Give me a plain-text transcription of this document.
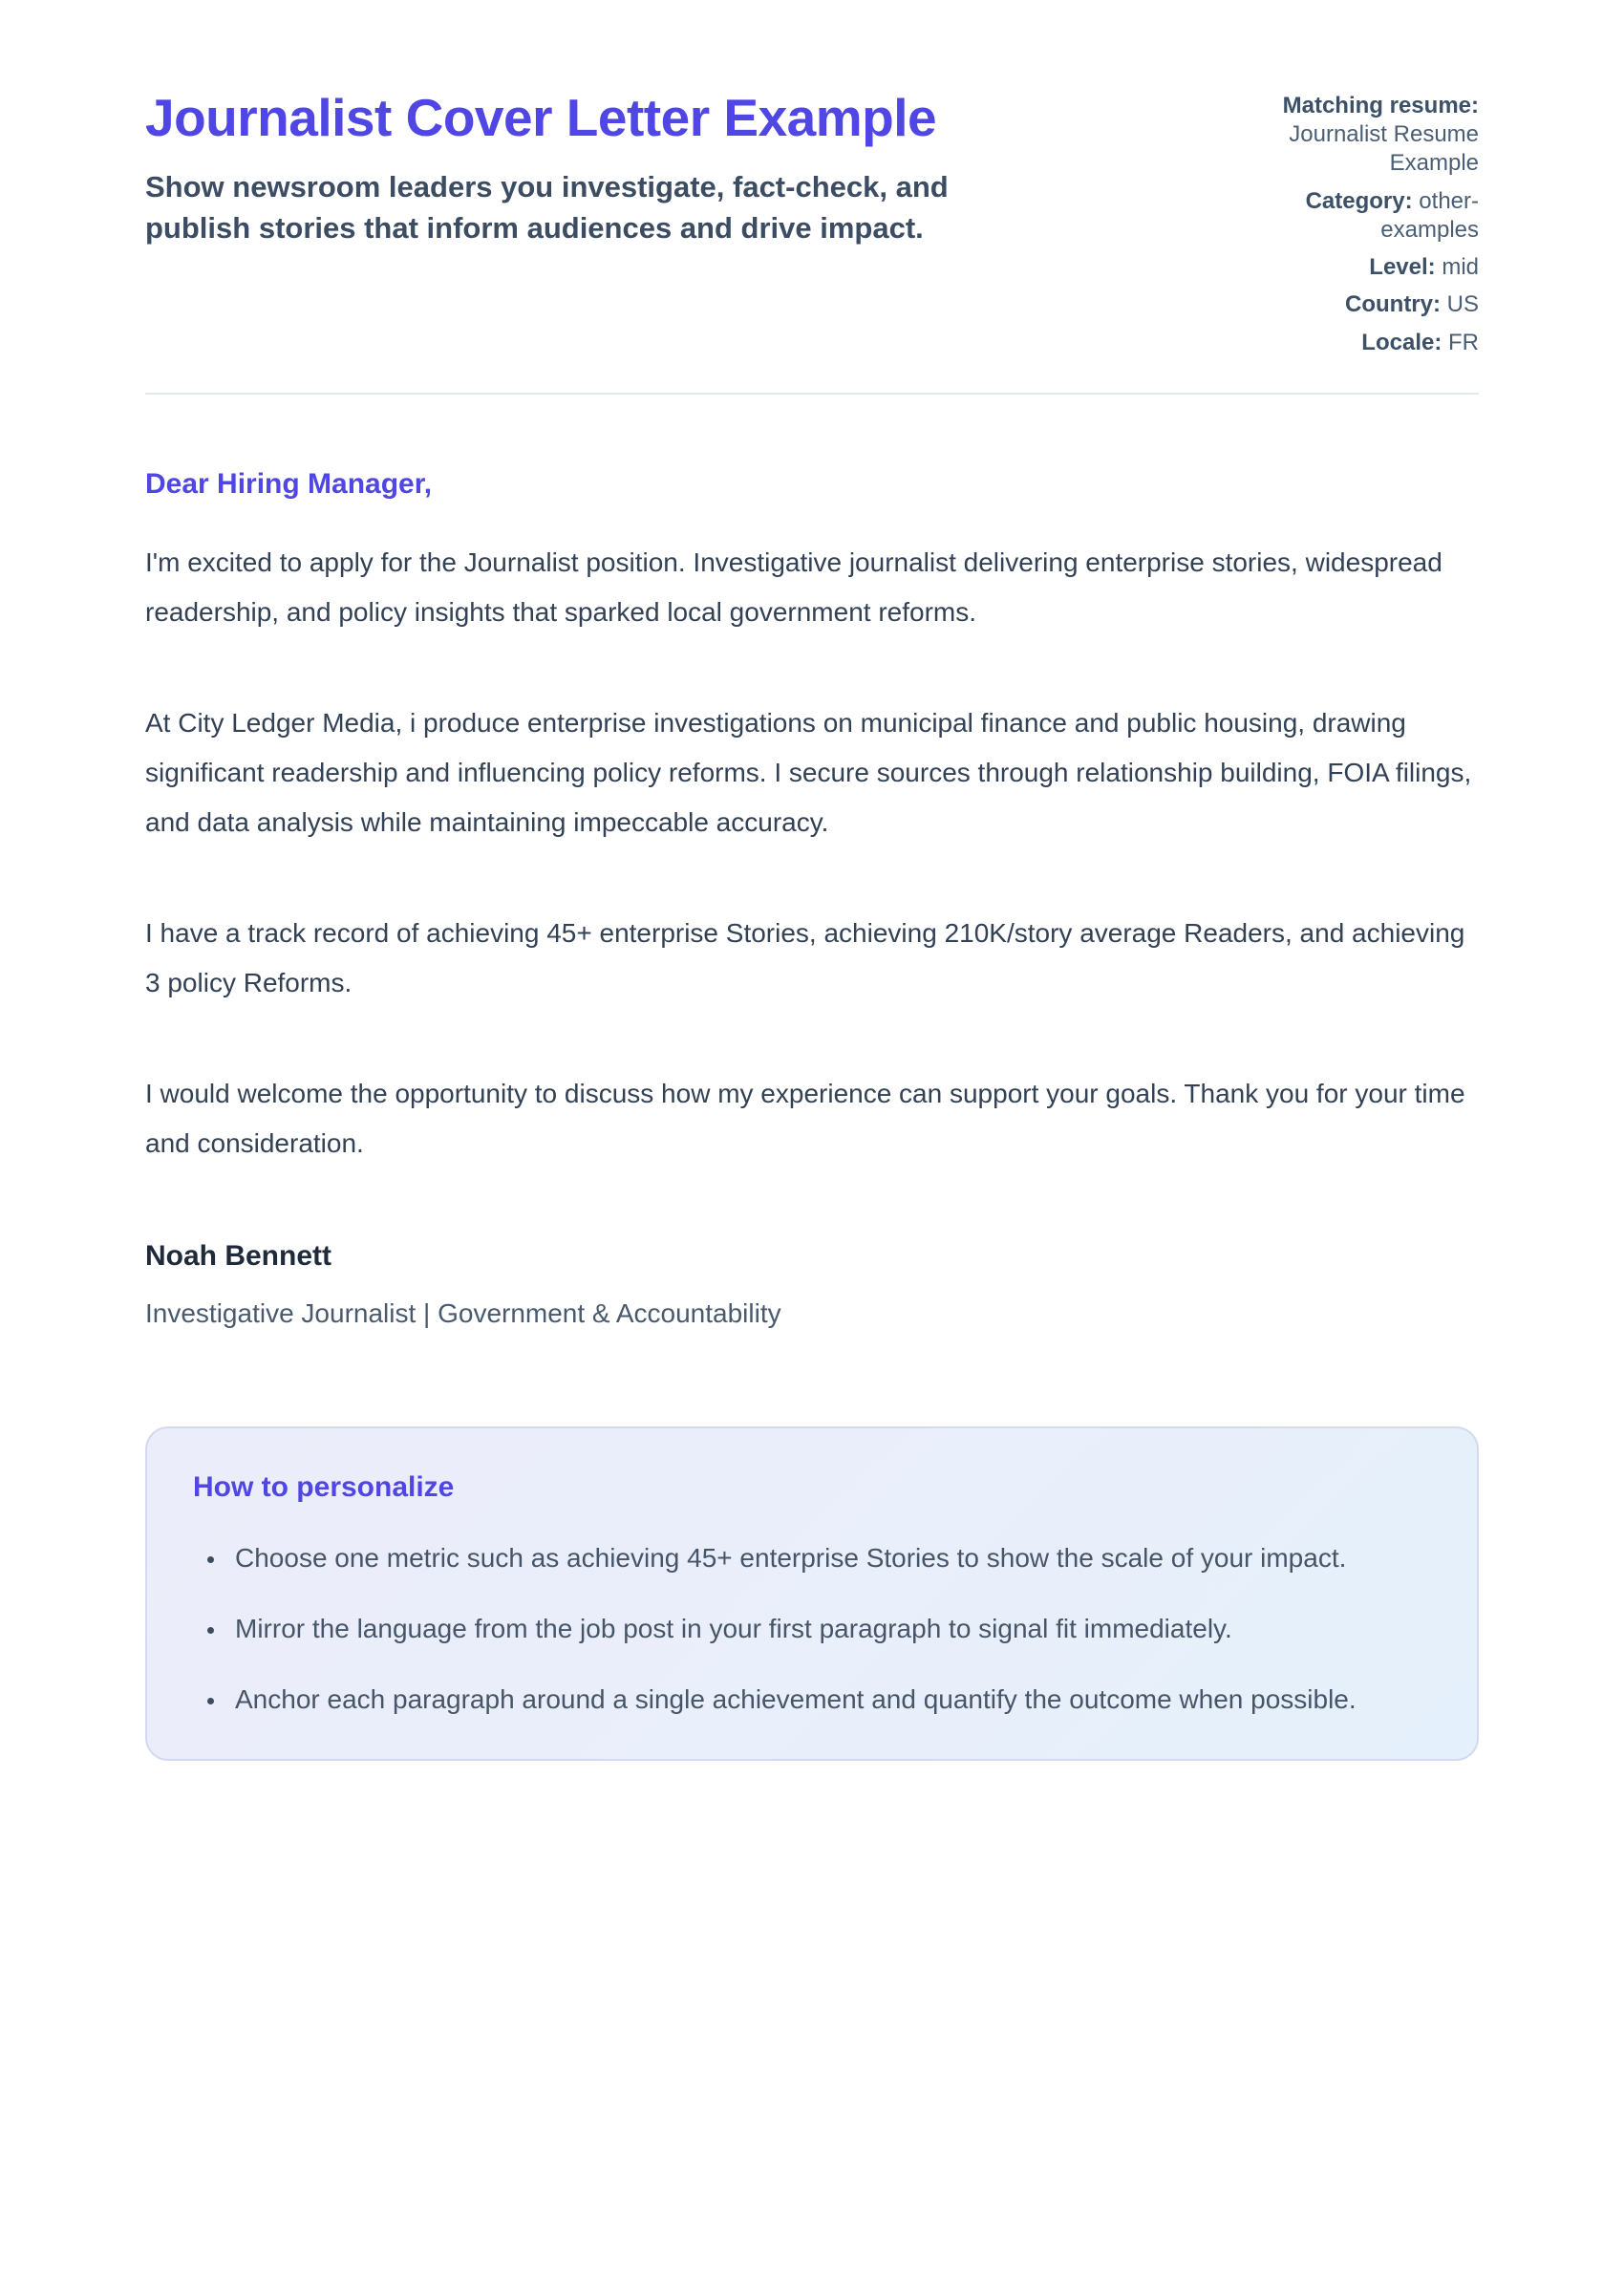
Journalist Cover Letter Example

Show newsroom leaders you investigate, fact-check, and publish stories that inform audiences and drive impact.

Matching resume: Journalist Resume Example
Category: other-examples
Level: mid
Country: US
Locale: FR

Dear Hiring Manager,

I'm excited to apply for the Journalist position. Investigative journalist delivering enterprise stories, widespread readership, and policy insights that sparked local government reforms.

At City Ledger Media, i produce enterprise investigations on municipal finance and public housing, drawing significant readership and influencing policy reforms. I secure sources through relationship building, FOIA filings, and data analysis while maintaining impeccable accuracy.

I have a track record of achieving 45+ enterprise Stories, achieving 210K/story average Readers, and achieving 3 policy Reforms.

I would welcome the opportunity to discuss how my experience can support your goals. Thank you for your time and consideration.

Noah Bennett

Investigative Journalist | Government & Accountability

How to personalize
• Choose one metric such as achieving 45+ enterprise Stories to show the scale of your impact.
• Mirror the language from the job post in your first paragraph to signal fit immediately.
• Anchor each paragraph around a single achievement and quantify the outcome when possible.
